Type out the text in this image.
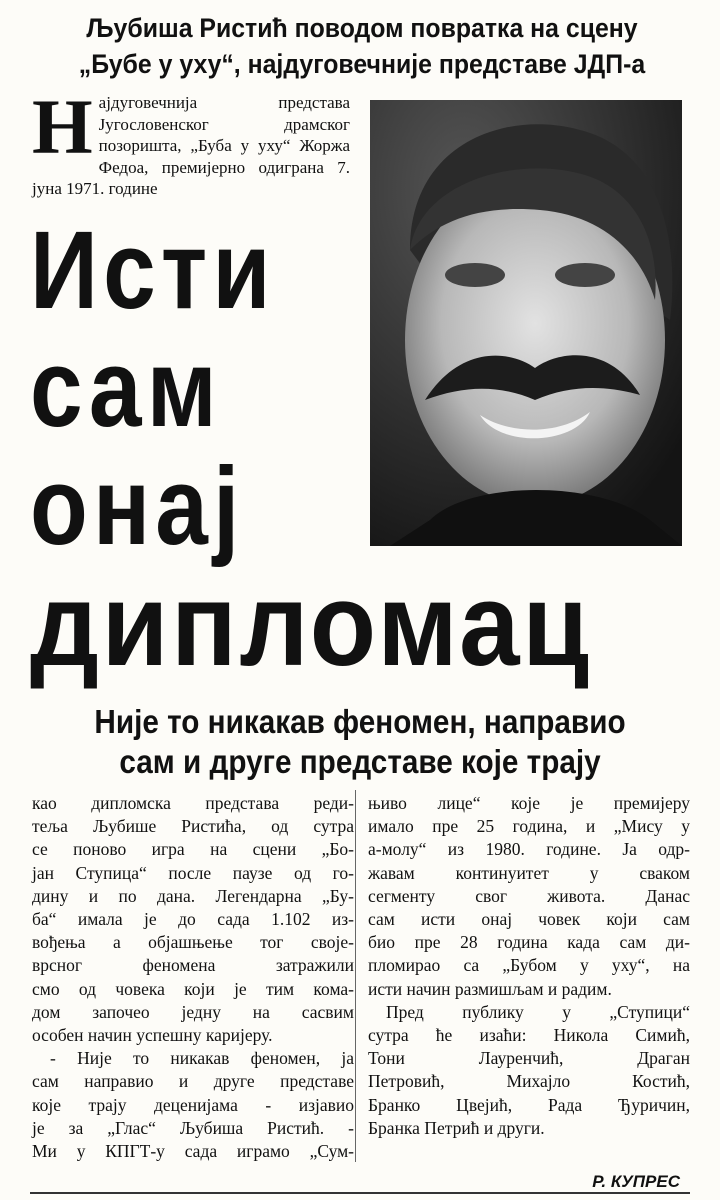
Љубиша Ристић поводом повратка на сцену
„Бубе у уху“, најдуговечније представе ЈДП-а
Н ајдуговечнија представа Југословенског драмског позоришта, „Буба у уху“ Жоржа Федоа, премијерно одиграна 7. јуна 1971. године
Исти
сам
онај
дипломац
Није то никакав феномен, направио
сам и друге представе које трају
као дипломска представа реди-
теља Љубише Ристића, од сутра
се поново игра на сцени „Бо-
јан Ступица“ после паузе од го-
дину и по дана. Легендарна „Бу-
ба“ имала је до сада 1.102 из-
вођења а објашњење тог своје-
врсног феномена затражили
смо од човека који је тим кома-
дом започео једну на сасвим
особен начин успешну каријеру.
- Није то никакав феномен, ја
сам направио и друге представе
које трају деценијама - изјавио
је за „Глас“ Љубиша Ристић. -
Ми у КПГТ-у сада играмо „Сум-
њиво лице“ које је премијеру
имало пре 25 година, и „Мису у
а-молу“ из 1980. године. Ја одр-
жавам континуитет у сваком
сегменту свог живота. Данас
сам исти онај човек који сам
био пре 28 година када сам ди-
пломирао са „Бубом у уху“, на
исти начин размишљам и радим.
Пред публику у „Ступици“
сутра ће изаћи: Никола Симић,
Тони Лауренчић, Драган
Петровић, Михајло Костић,
Бранко Цвејић, Рада Ђуричин,
Бранка Петрић и други.
Р. КУПРЕС
